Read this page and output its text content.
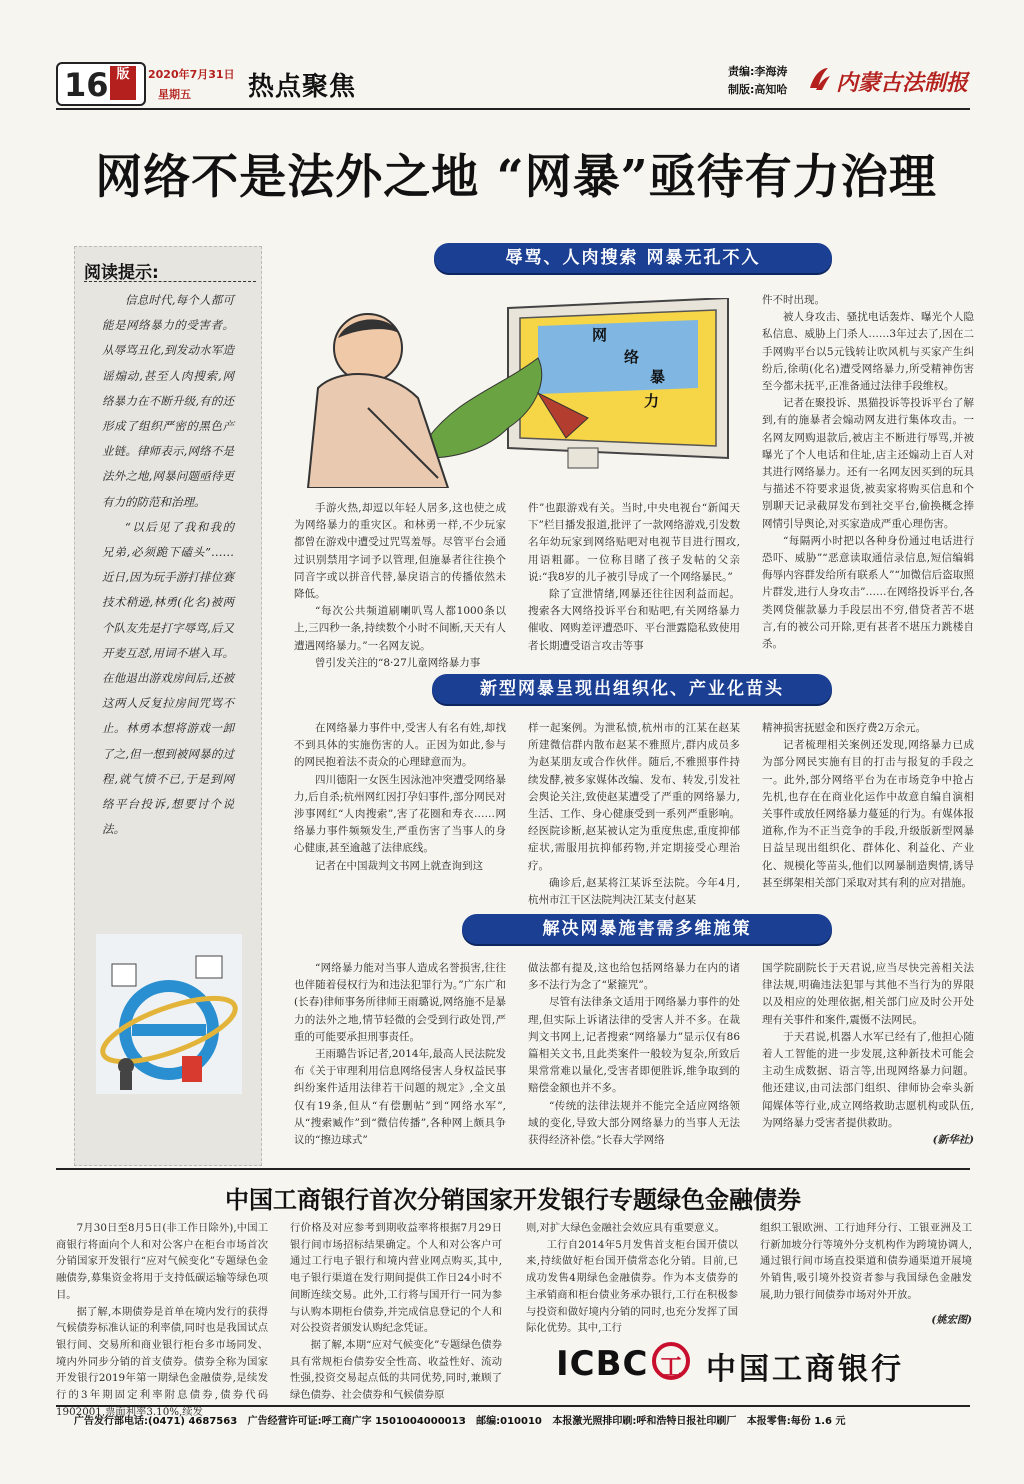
16 版	2020年7月31日
星期五 热点聚焦
责编:李海涛
制版:高知哈 内蒙古法制报
网络不是法外之地 “网暴”亟待有力治理
阅读提示:

信息时代,每个人都可能是网络暴力的受害者。从辱骂丑化,到发动水军造谣煽动,甚至人肉搜索,网络暴力在不断升级,有的还形成了组织严密的黑色产业链。律师表示,网络不是法外之地,网暴问题亟待更有力的防范和治理。

“以后见了我和我的兄弟,必须跪下磕头”……近日,因为玩手游打排位赛技术稍逊,林勇(化名)被两个队友先是打字辱骂,后又开麦互怼,用词不堪入耳。在他退出游戏房间后,还被这两人反复拉房间咒骂不止。林勇本想将游戏一卸了之,但一想到被网暴的过程,就气愤不已,于是到网络平台投诉,想要讨个说法。

辱骂、人肉搜索 网暴无孔不入
网
络
暴
力

手游火热,却逗以年轻人居多,这也使之成为网络暴力的重灾区。和林勇一样,不少玩家都曾在游戏中遭受过咒骂羞辱。尽管平台会通过识别禁用字词予以管理,但施暴者往往换个同音字或以拼音代替,暴戾语言的传播依然未降低。

“每次公共频道刷喇叭骂人都1000条以上,三四秒一条,持续数个小时不间断,天天有人遭遇网络暴力。”一名网友说。

曾引发关注的“8·27儿童网络暴力事

件”也跟游戏有关。当时,中央电视台“新闻天下”栏目播发报道,批评了一款网络游戏,引发数名年幼玩家到网络贴吧对电视节目进行围攻,用语粗鄙。一位称目睹了孩子发帖的父亲说:“我8岁的儿子被引导成了一个网络暴民。”

除了宣泄情绪,网暴还往往因利益而起。搜索各大网络投诉平台和贴吧,有关网络暴力催收、网购差评遭恐吓、平台泄露隐私致使用者长期遭受语言攻击等事

件不时出现。

被人身攻击、骚扰电话轰炸、曝光个人隐私信息、威胁上门杀人……3年过去了,因在二手网购平台以5元钱转让吹风机与买家产生纠纷后,徐萌(化名)遭受网络暴力,所受精神伤害至今都未抚平,正准备通过法律手段维权。

记者在聚投诉、黑猫投诉等投诉平台了解到,有的施暴者会煽动网友进行集体攻击。一名网友网购退款后,被店主不断进行辱骂,并被曝光了个人电话和住址,店主还煽动上百人对其进行网络暴力。还有一名网友因买到的玩具与描述不符要求退货,被卖家将购买信息和个别聊天记录截屏发布到社交平台,偷换概念捧网情引导舆论,对买家造成严重心理伤害。

“每隔两小时把以各种身份通过电话进行恐吓、威胁”“恶意读取通信录信息,短信编辑侮辱内容群发给所有联系人”“加微信后盗取照片群发,进行人身攻击”……在网络投诉平台,各类网贷催款暴力手段层出不穷,借贷者苦不堪言,有的被公司开除,更有甚者不堪压力跳楼自杀。

新型网暴呈现出组织化、产业化苗头

在网络暴力事件中,受害人有名有姓,却找不到具体的实施伤害的人。正因为如此,参与的网民抱着法不责众的心理肆意而为。

四川德阳一女医生因泳池冲突遭受网络暴力,后自杀;杭州网红因打孕妇事件,部分网民对涉事网红“人肉搜索”,害了花圈和寿衣……网络暴力事件频频发生,严重伤害了当事人的身心健康,甚至逾越了法律底线。

记者在中国裁判文书网上就查询到这

样一起案例。为泄私愤,杭州市的江某在赵某所建微信群内散布赵某不雅照片,群内成员多为赵某朋友或合作伙伴。随后,不雅照事件持续发酵,被多家媒体改编、发布、转发,引发社会舆论关注,致使赵某遭受了严重的网络暴力,生活、工作、身心健康受到一系列严重影响。经医院诊断,赵某被认定为重度焦虑,重度抑郁症状,需服用抗抑郁药物,并定期接受心理治疗。

确诊后,赵某将江某诉至法院。今年4月,杭州市江干区法院判决江某支付赵某

精神损害抚慰金和医疗费2万余元。

记者梳理相关案例还发现,网络暴力已成为部分网民实施有目的打击与报复的手段之一。此外,部分网络平台为在市场竞争中抢占先机,也存在在商业化运作中故意自编自演相关事件或放任网络暴力蔓延的行为。有媒体报道称,作为不正当竞争的手段,升级版新型网暴日益呈现出组织化、群体化、利益化、产业化、规模化等苗头,他们以网暴制造舆情,诱导甚至绑架相关部门采取对其有利的应对措施。

解决网暴施害需多维施策

“网络暴力能对当事人造成名誉损害,往往也伴随着侵权行为和违法犯罪行为。”广东广和(长春)律师事务所律师王雨璐说,网络施不是暴力的法外之地,情节轻微的会受到行政处罚,严重的可能要承担刑事责任。

王雨璐告诉记者,2014年,最高人民法院发布《关于审理利用信息网络侵害人身权益民事纠纷案件适用法律若干问题的规定》,全文虽仅有19条,但从“有偿删帖”到“网络水军”,从“搜索臧作”到“微信传播”,各种网上颇具争议的“擦边球式”

做法都有提及,这也给包括网络暴力在内的诸多不法行为念了“紧箍咒”。

尽管有法律条文适用于网络暴力事件的处理,但实际上诉诸法律的受害人并不多。在裁判文书网上,记者搜索“网络暴力”显示仅有86篇相关文书,且此类案件一般较为复杂,所致后果常常难以量化,受害者即便胜诉,维争取到的赔偿金额也并不多。

“传统的法律法规并不能完全适应网络领域的变化,导致大部分网络暴力的当事人无法获得经济补偿。”长春大学网络

国学院副院长于天君说,应当尽快完善相关法律法规,明确违法犯罪与其他不当行为的界限以及相应的处理依据,相关部门应及时公开处理有关事件和案件,震慑不法网民。

于天君说,机器人水军已经有了,他担心随着人工智能的进一步发展,这种新技术可能会主动生成数据、语言等,出现网络暴力问题。他还建议,由司法部门组织、律师协会牵头新闻媒体等行业,成立网络救助志愿机构或队伍,为网络暴力受害者提供救助。

(新华社)
中国工商银行首次分销国家开发银行专题绿色金融债券

7月30日至8月5日(非工作日除外),中国工商银行将面向个人和对公客户在柜台市场首次分销国家开发银行“应对气候变化”专题绿色金融债券,募集资金将用于支持低碳运输等绿色项目。

据了解,本期债券是首单在境内发行的获得气候债券标准认证的利率债,同时也是我国试点银行间、交易所和商业银行柜台多市场同发、境内外同步分销的首支债券。债券全称为国家开发银行2019年第一期绿色金融债券,是续发行的3年期固定利率附息债券,债券代码1902001,票面利率3.10%,续发

行价格及对应参考到期收益率将根据7月29日银行间市场招标结果确定。个人和对公客户可通过工行电子银行和境内营业网点购买,其中,电子银行渠道在发行期间提供工作日24小时不间断连续交易。此外,工行将与国开行一同为参与认购本期柜台债券,并完成信息登记的个人和对公投资者颁发认购纪念凭证。

据了解,本期“应对气候变化”专题绿色债券具有常规柜台债券安全性高、收益性好、流动性强,投资交易起点低的共同优势,同时,兼顾了绿色债券、社会债券和气候债券原

则,对扩大绿色金融社会效应具有重要意义。

工行自2014年5月发售首支柜台国开债以来,持续做好柜台国开债常态化分销。目前,已成功发售4期绿色金融债券。作为本支债券的主承销商和柜台债业务承办银行,工行在积极参与投资和做好境内分销的同时,也充分发挥了国际化优势。其中,工行

组织工银欧洲、工行迪拜分行、工银亚洲及工行新加坡分行等境外分支机构作为跨境协调人,通过银行间市场直投渠道和债券通渠道开展境外销售,吸引境外投资者参与我国绿色金融发展,助力银行间债券市场对外开放。

(姚宏图)
ICBC 工 中国工商银行
广告发行部电话:(0471) 4687563   广告经营许可证:呼工商广字 150100400001З   邮编:010010   本报激光照排印刷:呼和浩特日报社印刷厂   本报零售:每份 1.6 元
